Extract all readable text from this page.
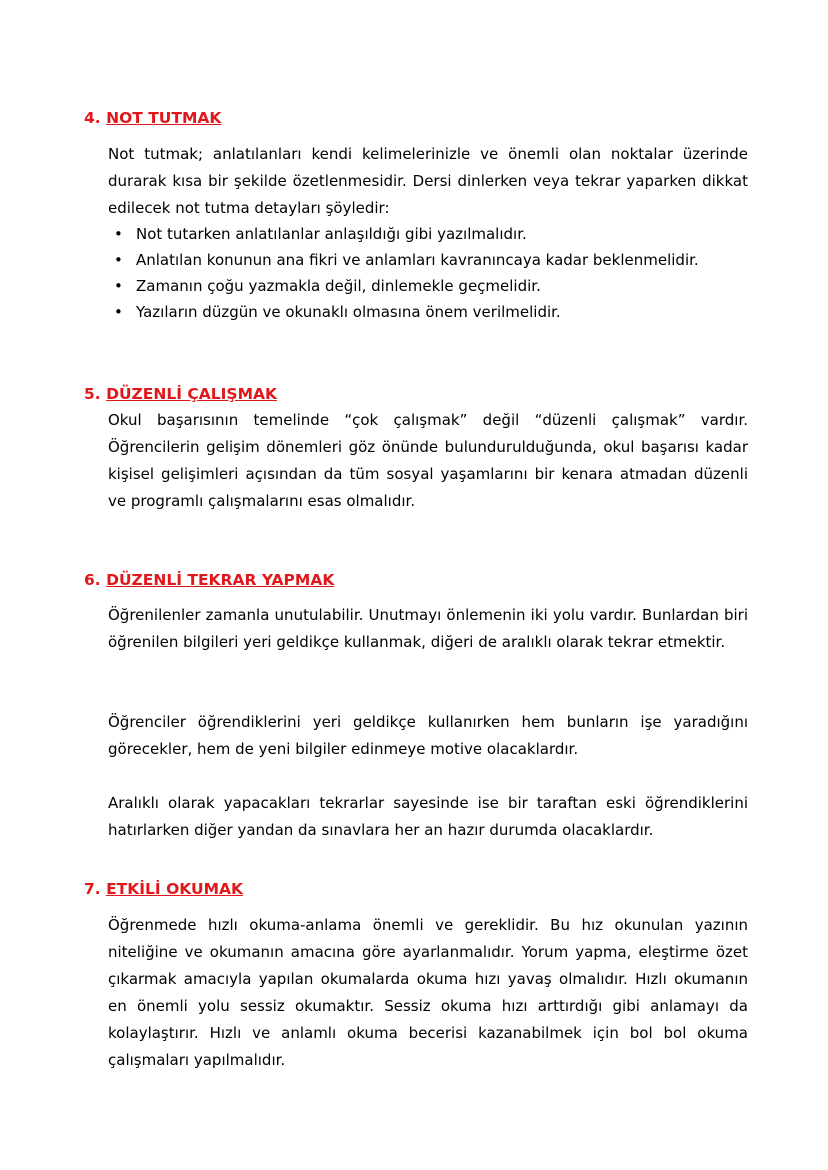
4. NOT TUTMAK

Not tutmak; anlatılanları kendi kelimelerinizle ve önemli olan noktalar üzerinde durarak kısa bir şekilde özetlenmesidir. Dersi dinlerken veya tekrar yaparken dikkat edilecek not tutma detayları şöyledir:

• Not tutarken anlatılanlar anlaşıldığı gibi yazılmalıdır.
• Anlatılan konunun ana fikri ve anlamları kavranıncaya kadar beklenmelidir.
• Zamanın çoğu yazmakla değil, dinlemekle geçmelidir.
• Yazıların düzgün ve okunaklı olmasına önem verilmelidir.
5. DÜZENLİ ÇALIŞMAK

Okul başarısının temelinde “çok çalışmak” değil “düzenli çalışmak” vardır. Öğrencilerin gelişim dönemleri göz önünde bulundurulduğunda, okul başarısı kadar kişisel gelişimleri açısından da tüm sosyal yaşamlarını bir kenara atmadan düzenli ve programlı çalışmalarını esas olmalıdır.

6. DÜZENLİ TEKRAR YAPMAK

Öğrenilenler zamanla unutulabilir. Unutmayı önlemenin iki yolu vardır. Bunlardan biri öğrenilen bilgileri yeri geldikçe kullanmak, diğeri de aralıklı olarak tekrar etmektir.

Öğrenciler öğrendiklerini yeri geldikçe kullanırken hem bunların işe yaradığını görecekler, hem de yeni bilgiler edinmeye motive olacaklardır.

Aralıklı olarak yapacakları tekrarlar sayesinde ise bir taraftan eski öğrendiklerini hatırlarken diğer yandan da sınavlara her an hazır durumda olacaklardır.

7. ETKİLİ OKUMAK

Öğrenmede hızlı okuma-anlama önemli ve gereklidir. Bu hız okunulan yazının niteliğine ve okumanın amacına göre ayarlanmalıdır. Yorum yapma, eleştirme özet çıkarmak amacıyla yapılan okumalarda okuma hızı yavaş olmalıdır. Hızlı okumanın en önemli yolu sessiz okumaktır. Sessiz okuma hızı arttırdığı gibi anlamayı da kolaylaştırır. Hızlı ve anlamlı okuma becerisi kazanabilmek için bol bol okuma çalışmaları yapılmalıdır.
